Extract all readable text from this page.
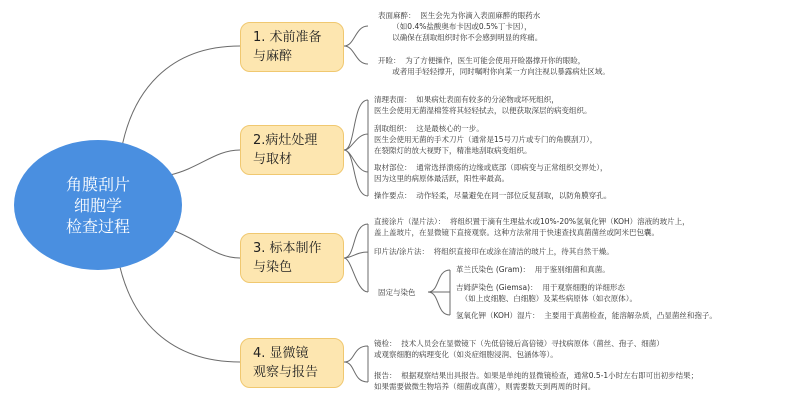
角膜刮片
细胞学
检查过程
1. 术前准备
与麻醉
2.病灶处理
与取材
3. 标本制作
与染色
4. 显微镜
观察与报告

表面麻醉：  医生会先为你滴入表面麻醉的眼药水
（如0.4%盐酸奥布卡因或0.5%丁卡因），
以确保在刮取组织时你不会感到明显的疼痛。

开睑：  为了方便操作，医生可能会使用开睑器撑开你的眼睑，
或者用手轻轻撑开，同时嘱咐你向某一方向注视以暴露病灶区域。

清理表面：  如果病灶表面有较多的分泌物或坏死组织，
医生会使用无菌湿棉签将其轻轻拭去，以便获取深层的病变组织。

刮取组织：  这是最核心的一步。
医生会使用无菌的手术刀片（通常是15号刀片或专门的角膜刮刀），
在裂隙灯的放大视野下，精准地刮取病变组织。

取材部位：  通常选择溃疡的边缘或底部（即病变与正常组织交界处），
因为这里的病原体最活跃，阳性率最高。

操作要点：  动作轻柔，尽量避免在同一部位反复刮取，以防角膜穿孔。

直接涂片（湿片法）：  将组织置于滴有生理盐水或10%-20%氢氧化钾（KOH）溶液的玻片上，
盖上盖玻片，在显微镜下直接观察。这种方法常用于快速查找真菌菌丝或阿米巴包囊。

印片法/涂片法：  将组织直接印在或涂在清洁的玻片上，待其自然干燥。

固定与染色

革兰氏染色 (Gram)：  用于鉴别细菌和真菌。

吉姆萨染色 (Giemsa)：  用于观察细胞的详细形态
（如上皮细胞、白细胞）及某些病原体（如衣原体）。

氢氧化钾（KOH）湿片：  主要用于真菌检查，能溶解杂质，凸显菌丝和孢子。

镜检：  技术人员会在显微镜下（先低倍镜后高倍镜）寻找病原体（菌丝、孢子、细菌）
或观察细胞的病理变化（如炎症细胞浸润、包涵体等）。

报告：  根据观察结果出具报告。如果是单纯的显微镜检查，通常0.5-1小时左右即可出初步结果；
如果需要做微生物培养（细菌或真菌），则需要数天到两周的时间。
